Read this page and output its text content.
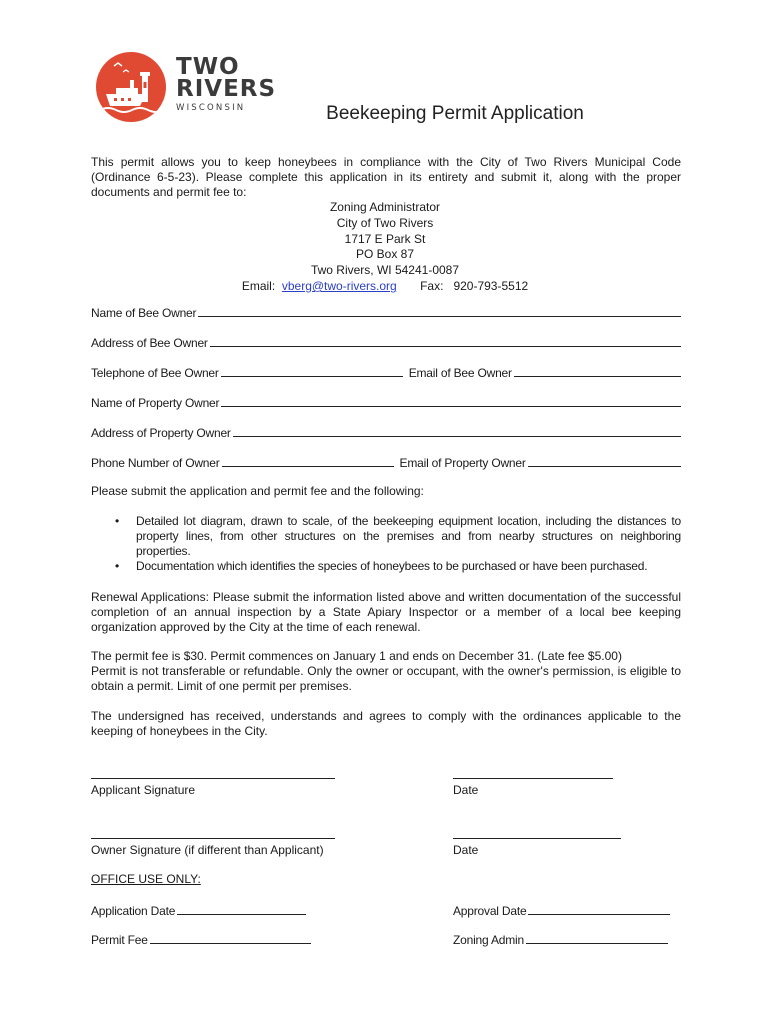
TWO
RIVERS
WISCONSIN	Beekeeping Permit Application
This permit allows you to keep honeybees in compliance with the City of Two Rivers Municipal Code (Ordinance 6-5-23). Please complete this application in its entirety and submit it, along with the proper documents and permit fee to:
Zoning Administrator
City of Two Rivers
1717 E Park St
PO Box 87
Two Rivers, WI 54241-0087
Email: vberg@two-rivers.org Fax: 920-793-5512
Name of Bee Owner
Address of Bee Owner
Telephone of Bee Owner	Email of Bee Owner
Name of Property Owner
Address of Property Owner
Phone Number of Owner	Email of Property Owner
Please submit the application and permit fee and the following:
• Detailed lot diagram, drawn to scale, of the beekeeping equipment location, including the distances to property lines, from other structures on the premises and from nearby structures on neighboring properties.
• Documentation which identifies the species of honeybees to be purchased or have been purchased.
Renewal Applications: Please submit the information listed above and written documentation of the successful completion of an annual inspection by a State Apiary Inspector or a member of a local bee keeping organization approved by the City at the time of each renewal.
The permit fee is $30. Permit commences on January 1 and ends on December 31. (Late fee $5.00)
Permit is not transferable or refundable. Only the owner or occupant, with the owner's permission, is eligible to obtain a permit. Limit of one permit per premises.
The undersigned has received, understands and agrees to comply with the ordinances applicable to the keeping of honeybees in the City.
Applicant Signature	Date
Owner Signature (if different than Applicant)	Date
OFFICE USE ONLY:
Application Date	Approval Date
Permit Fee	Zoning Admin
